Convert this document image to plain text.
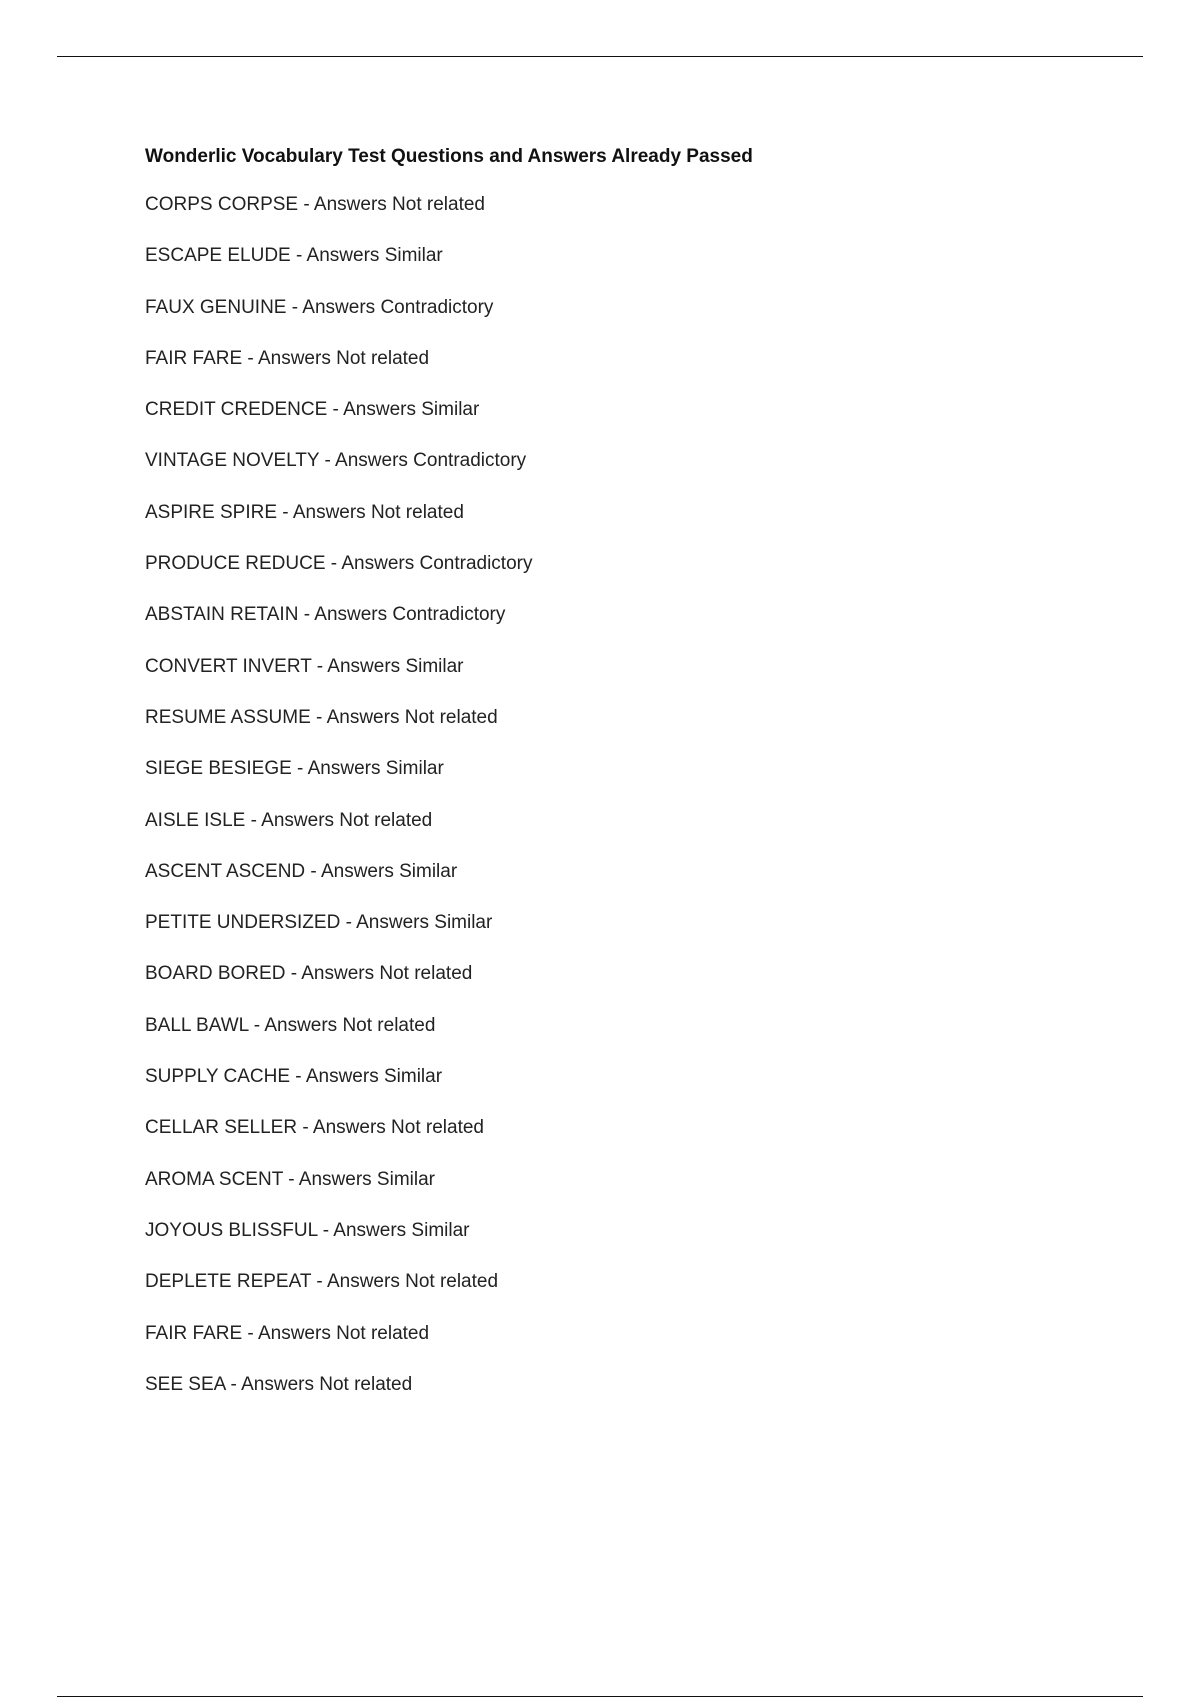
Wonderlic Vocabulary Test Questions and Answers Already Passed
CORPS CORPSE - Answers Not related
ESCAPE ELUDE - Answers Similar
FAUX GENUINE - Answers Contradictory
FAIR FARE - Answers Not related
CREDIT CREDENCE - Answers Similar
VINTAGE NOVELTY - Answers Contradictory
ASPIRE SPIRE - Answers Not related
PRODUCE REDUCE - Answers Contradictory
ABSTAIN RETAIN - Answers Contradictory
CONVERT INVERT - Answers Similar
RESUME ASSUME - Answers Not related
SIEGE BESIEGE - Answers Similar
AISLE ISLE - Answers Not related
ASCENT ASCEND - Answers Similar
PETITE UNDERSIZED - Answers Similar
BOARD BORED - Answers Not related
BALL BAWL - Answers Not related
SUPPLY CACHE - Answers Similar
CELLAR SELLER - Answers Not related
AROMA SCENT - Answers Similar
JOYOUS BLISSFUL - Answers Similar
DEPLETE REPEAT - Answers Not related
FAIR FARE - Answers Not related
SEE SEA - Answers Not related
